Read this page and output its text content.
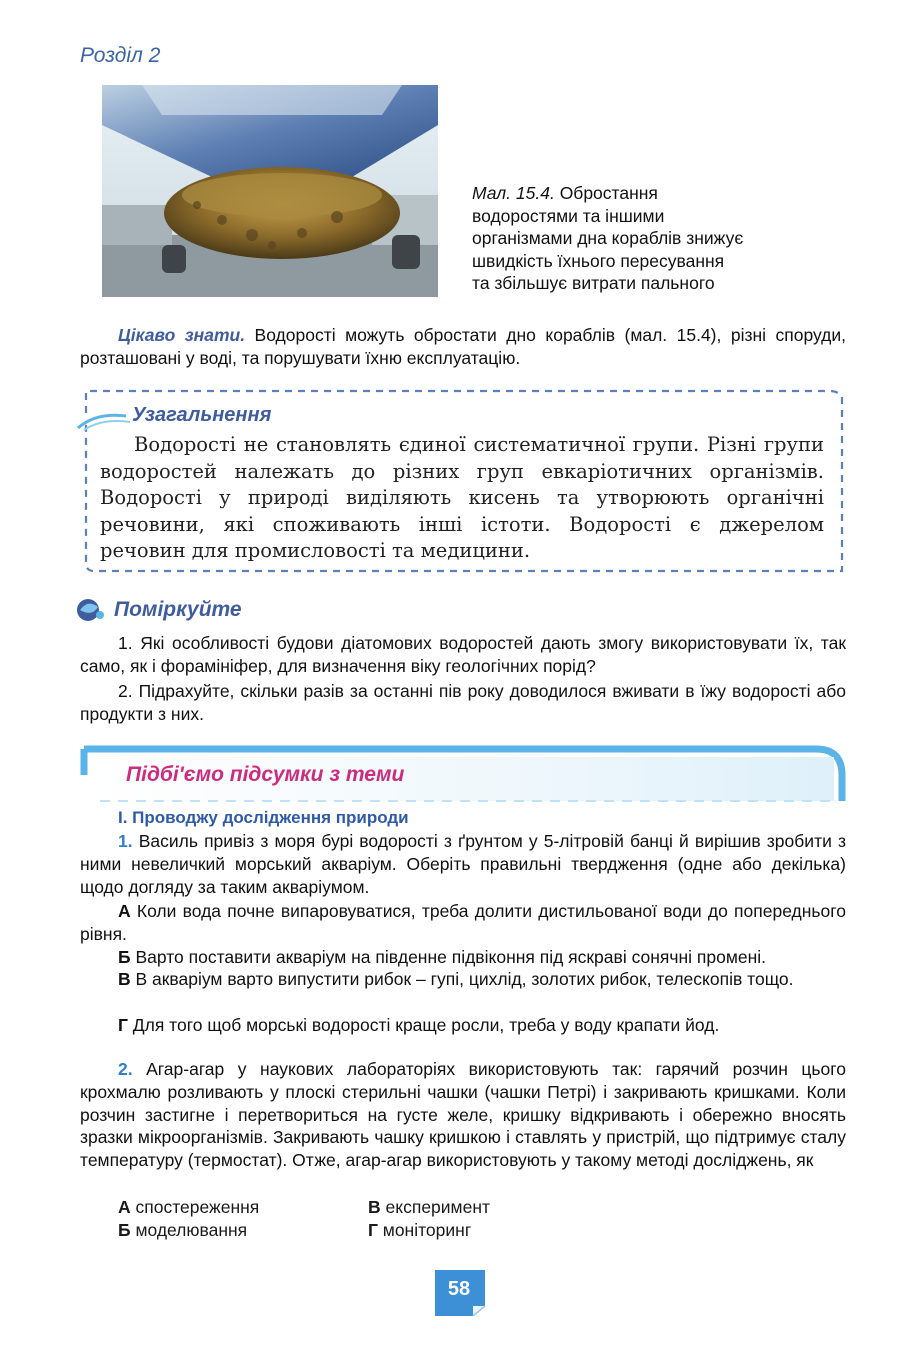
Розділ 2
Мал. 15.4. Обростання
водоростями та іншими
організмами дна кораблів знижує
швидкість їхнього пересування
та збільшує витрати пального
Цікаво знати. Водорості можуть обростати дно кораблів (мал. 15.4), різні споруди, розташовані у воді, та порушувати їхню експлуатацію.
Узагальнення
Водорості не становлять єдиної систематичної групи. Різні групи водоростей належать до різних груп евкаріотичних організмів. Водорості у природі виділяють кисень та утворюють органічні речовини, які споживають інші істоти. Водорості є джерелом речовин для промисловості та медицини.
Поміркуйте
1. Які особливості будови діатомових водоростей дають змогу використовувати їх, так само, як і форамініфер, для визначення віку геологічних порід?
2. Підрахуйте, скільки разів за останні пів року доводилося вживати в їжу водорості або продукти з них.
Підбі'ємо підсумки з теми
І. Проводжу дослідження природи
1. Василь привіз з моря бурі водорості з ґрунтом у 5-літровій банці й вирішив зробити з ними невеличкий морський акваріум. Оберіть правильні твердження (одне або декілька) щодо догляду за таким акваріумом.
А Коли вода почне випаровуватися, треба долити дистильованої води до попереднього рівня.
Б Варто поставити акваріум на південне підвіконня під яскраві сонячні промені.
В В акваріум варто випустити рибок – гупі, цихлід, золотих рибок, телескопів тощо.
Г Для того щоб морські водорості краще росли, треба у воду крапати йод.
2. Агар-агар у наукових лабораторіях використовують так: гарячий розчин цього крохмалю розливають у плоскі стерильні чашки (чашки Петрі) і закривають кришками. Коли розчин застигне і перетвориться на густе желе, кришку відкривають і обережно вносять зразки мікроорганізмів. Закривають чашку кришкою і ставлять у пристрій, що підтримує сталу температуру (термостат). Отже, агар-агар використовують у такому методі досліджень, як
А спостереження	В експеримент
Б моделювання	Г моніторинг
58
